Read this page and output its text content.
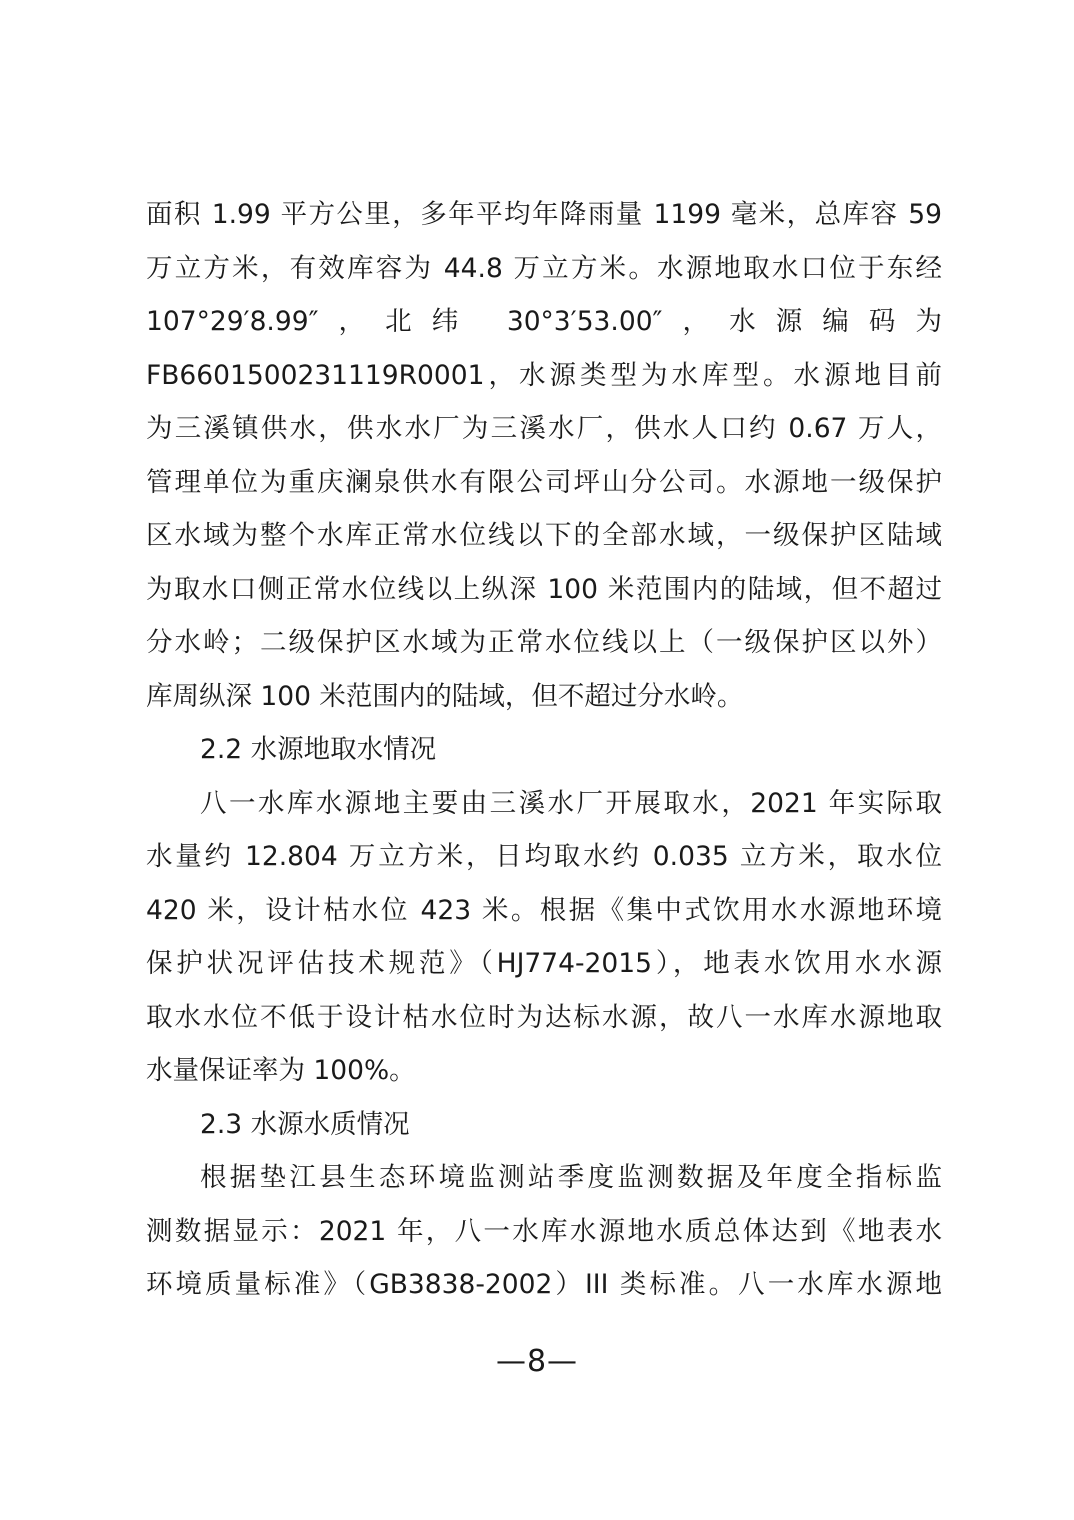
面积 1.99 平方公里，多年平均年降雨量 1199 毫米，总库容 59
万立方米，有效库容为 44.8 万立方米。水源地取水口位于东经
107°29′8.99″，北纬 30°3′53.00″，水源编码为
FB6601500231119R0001，水源类型为水库型。水源地目前
为三溪镇供水，供水水厂为三溪水厂，供水人口约 0.67 万人，
管理单位为重庆澜泉供水有限公司坪山分公司。水源地一级保护
区水域为整个水库正常水位线以下的全部水域，一级保护区陆域
为取水口侧正常水位线以上纵深 100 米范围内的陆域，但不超过
分水岭；二级保护区水域为正常水位线以上（一级保护区以外）
库周纵深 100 米范围内的陆域，但不超过分水岭。
2.2 水源地取水情况
八一水库水源地主要由三溪水厂开展取水，2021 年实际取
水量约 12.804 万立方米，日均取水约 0.035 立方米，取水位
420 米，设计枯水位 423 米。根据《集中式饮用水水源地环境
保护状况评估技术规范》（HJ774-2015），地表水饮用水水源
取水水位不低于设计枯水位时为达标水源，故八一水库水源地取
水量保证率为 100%。
2.3 水源水质情况
根据垫江县生态环境监测站季度监测数据及年度全指标监
测数据显示：2021 年，八一水库水源地水质总体达到《地表水
环境质量标准》（GB3838-2002）III 类标准。八一水库水源地
—8—
